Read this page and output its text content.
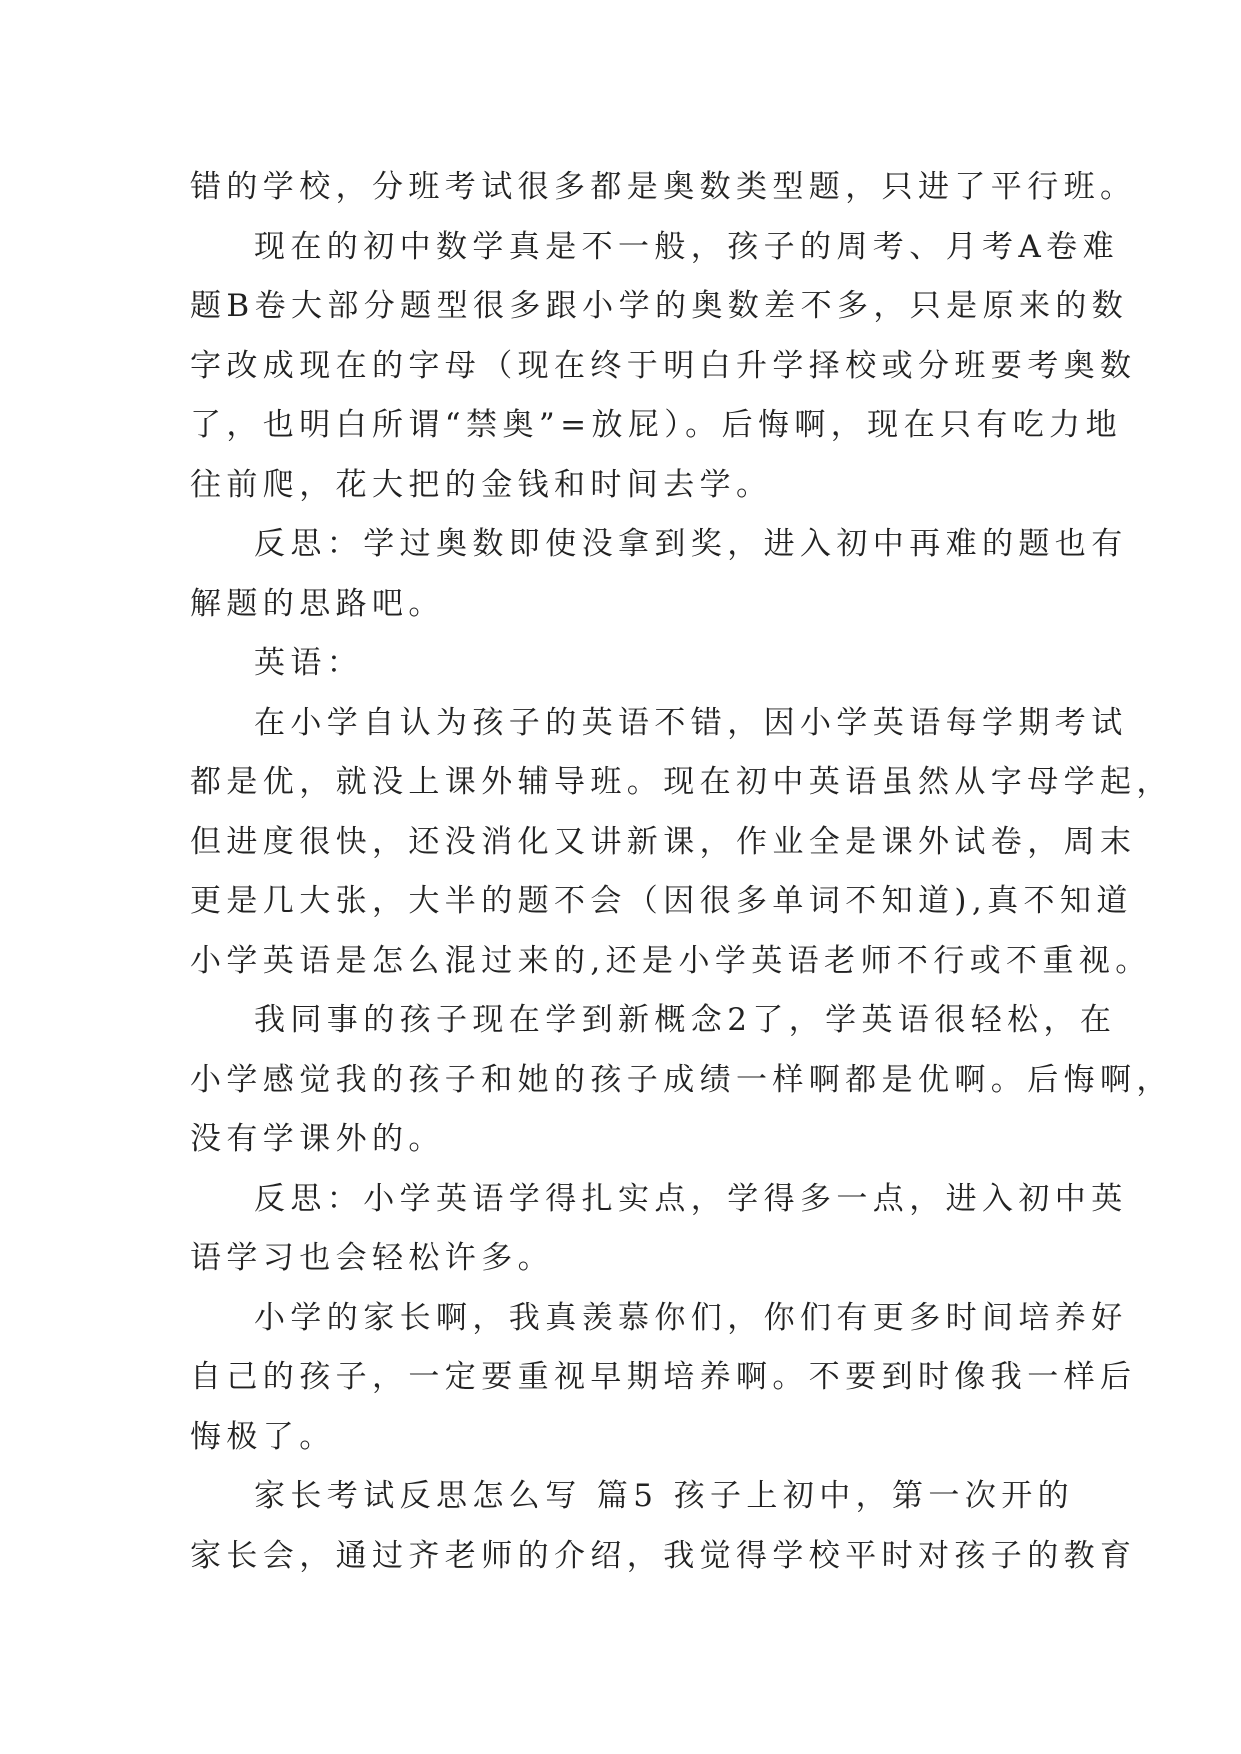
错的学校，分班考试很多都是奥数类型题，只进了平行班。
现在的初中数学真是不一般，孩子的周考、月考A卷难
题B卷大部分题型很多跟小学的奥数差不多，只是原来的数
字改成现在的字母（现在终于明白升学择校或分班要考奥数
了，也明白所谓“禁奥”=放屁）。后悔啊，现在只有吃力地
往前爬，花大把的金钱和时间去学。
反思：学过奥数即使没拿到奖，进入初中再难的题也有
解题的思路吧。
英语：
在小学自认为孩子的英语不错，因小学英语每学期考试
都是优，就没上课外辅导班。现在初中英语虽然从字母学起，
但进度很快，还没消化又讲新课，作业全是课外试卷，周末
更是几大张，大半的题不会（因很多单词不知道),真不知道
小学英语是怎么混过来的,还是小学英语老师不行或不重视。
我同事的孩子现在学到新概念2了，学英语很轻松，在
小学感觉我的孩子和她的孩子成绩一样啊都是优啊。后悔啊，
没有学课外的。
反思：小学英语学得扎实点，学得多一点，进入初中英
语学习也会轻松许多。
小学的家长啊，我真羡慕你们，你们有更多时间培养好
自己的孩子，一定要重视早期培养啊。不要到时像我一样后
悔极了。
家长考试反思怎么写 篇5 孩子上初中，第一次开的
家长会，通过齐老师的介绍，我觉得学校平时对孩子的教育
